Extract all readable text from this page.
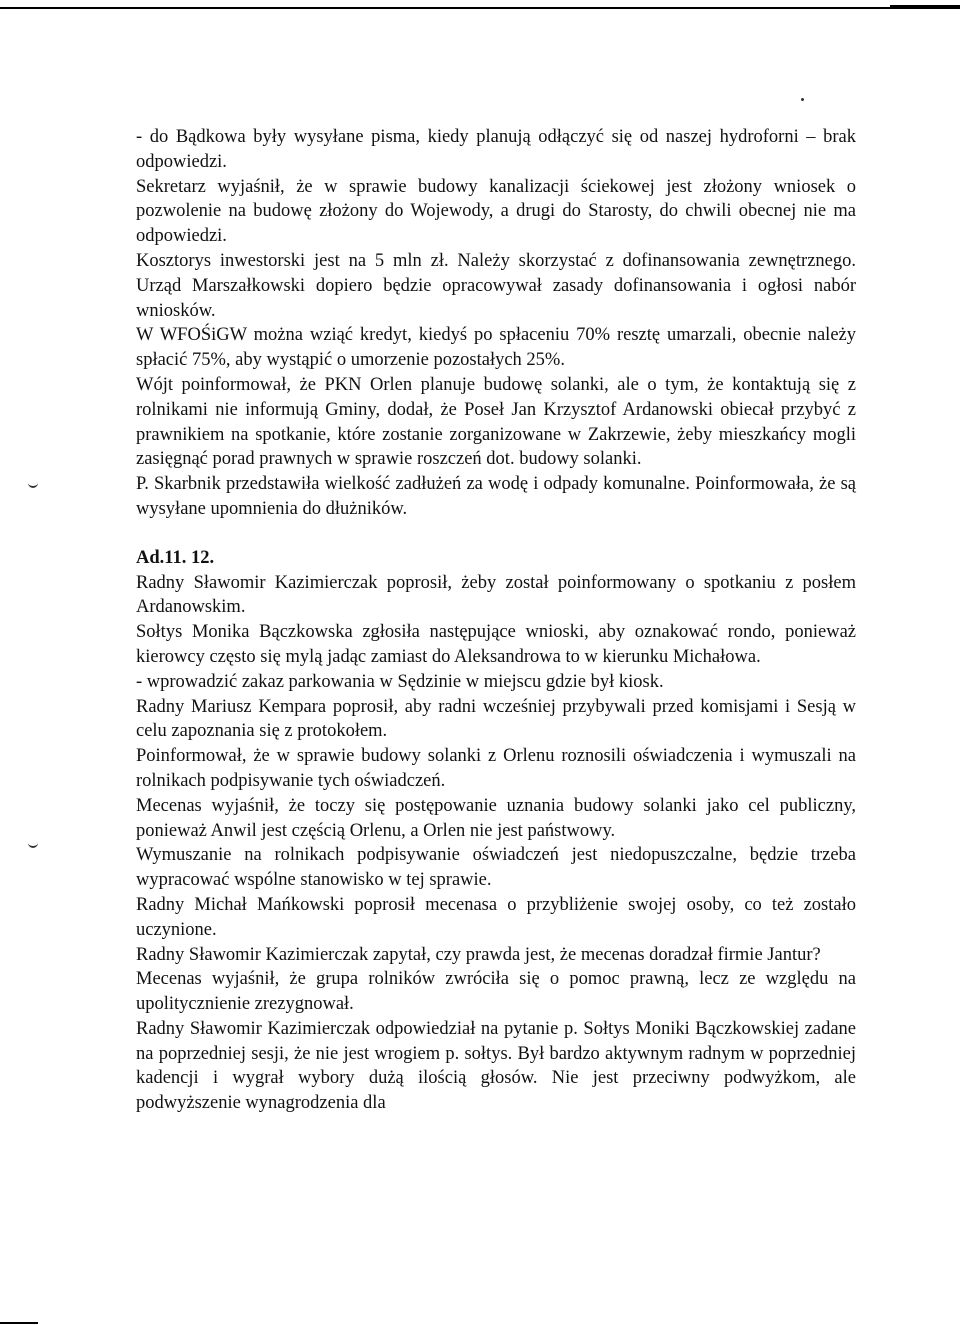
- do Bądkowa były wysyłane pisma, kiedy planują odłączyć się od naszej hydroforni – brak odpowiedzi.

Sekretarz wyjaśnił, że w sprawie budowy kanalizacji ściekowej jest złożony wniosek o pozwolenie na budowę złożony do Wojewody, a drugi do Starosty, do chwili obecnej nie ma odpowiedzi.

Kosztorys inwestorski jest na 5 mln zł. Należy skorzystać z dofinansowania zewnętrznego. Urząd Marszałkowski dopiero będzie opracowywał zasady dofinansowania i ogłosi nabór wniosków.

W WFOŚiGW można wziąć kredyt, kiedyś po spłaceniu 70% resztę umarzali, obecnie należy spłacić 75%, aby wystąpić o umorzenie pozostałych 25%.

Wójt poinformował, że PKN Orlen planuje budowę solanki, ale o tym, że kontaktują się z rolnikami nie informują Gminy, dodał, że Poseł Jan Krzysztof Ardanowski obiecał przybyć z prawnikiem na spotkanie, które zostanie zorganizowane w Zakrzewie, żeby mieszkańcy mogli zasięgnąć porad prawnych w sprawie roszczeń dot. budowy solanki.

P. Skarbnik przedstawiła wielkość zadłużeń za wodę i odpady komunalne. Poinformowała, że są wysyłane upomnienia do dłużników.

Ad.11. 12.

Radny Sławomir Kazimierczak poprosił, żeby został poinformowany o spotkaniu z posłem Ardanowskim.

Sołtys Monika Bączkowska zgłosiła następujące wnioski, aby oznakować rondo, ponieważ kierowcy często się mylą jadąc zamiast do Aleksandrowa to w kierunku Michałowa.

- wprowadzić zakaz parkowania w Sędzinie w miejscu gdzie był kiosk.

Radny Mariusz Kempara poprosił, aby radni wcześniej przybywali przed komisjami i Sesją w celu zapoznania się z protokołem.

Poinformował, że w sprawie budowy solanki z Orlenu roznosili oświadczenia i wymuszali na rolnikach podpisywanie tych oświadczeń.

Mecenas wyjaśnił, że toczy się postępowanie uznania budowy solanki jako cel publiczny, ponieważ Anwil jest częścią Orlenu, a Orlen nie jest państwowy.

Wymuszanie na rolnikach podpisywanie oświadczeń jest niedopuszczalne, będzie trzeba wypracować wspólne stanowisko w tej sprawie.

Radny Michał Mańkowski poprosił mecenasa o przybliżenie swojej osoby, co też zostało uczynione.

Radny Sławomir Kazimierczak zapytał, czy prawda jest, że mecenas doradzał firmie Jantur?

Mecenas wyjaśnił, że grupa rolników zwróciła się o pomoc prawną, lecz ze względu na upolitycznienie zrezygnował.

Radny Sławomir Kazimierczak odpowiedział na pytanie p. Sołtys Moniki Bączkowskiej zadane na poprzedniej sesji, że nie jest wrogiem p. sołtys. Był bardzo aktywnym radnym w poprzedniej kadencji i wygrał wybory dużą ilością głosów. Nie jest przeciwny podwyżkom, ale podwyższenie wynagrodzenia dla
